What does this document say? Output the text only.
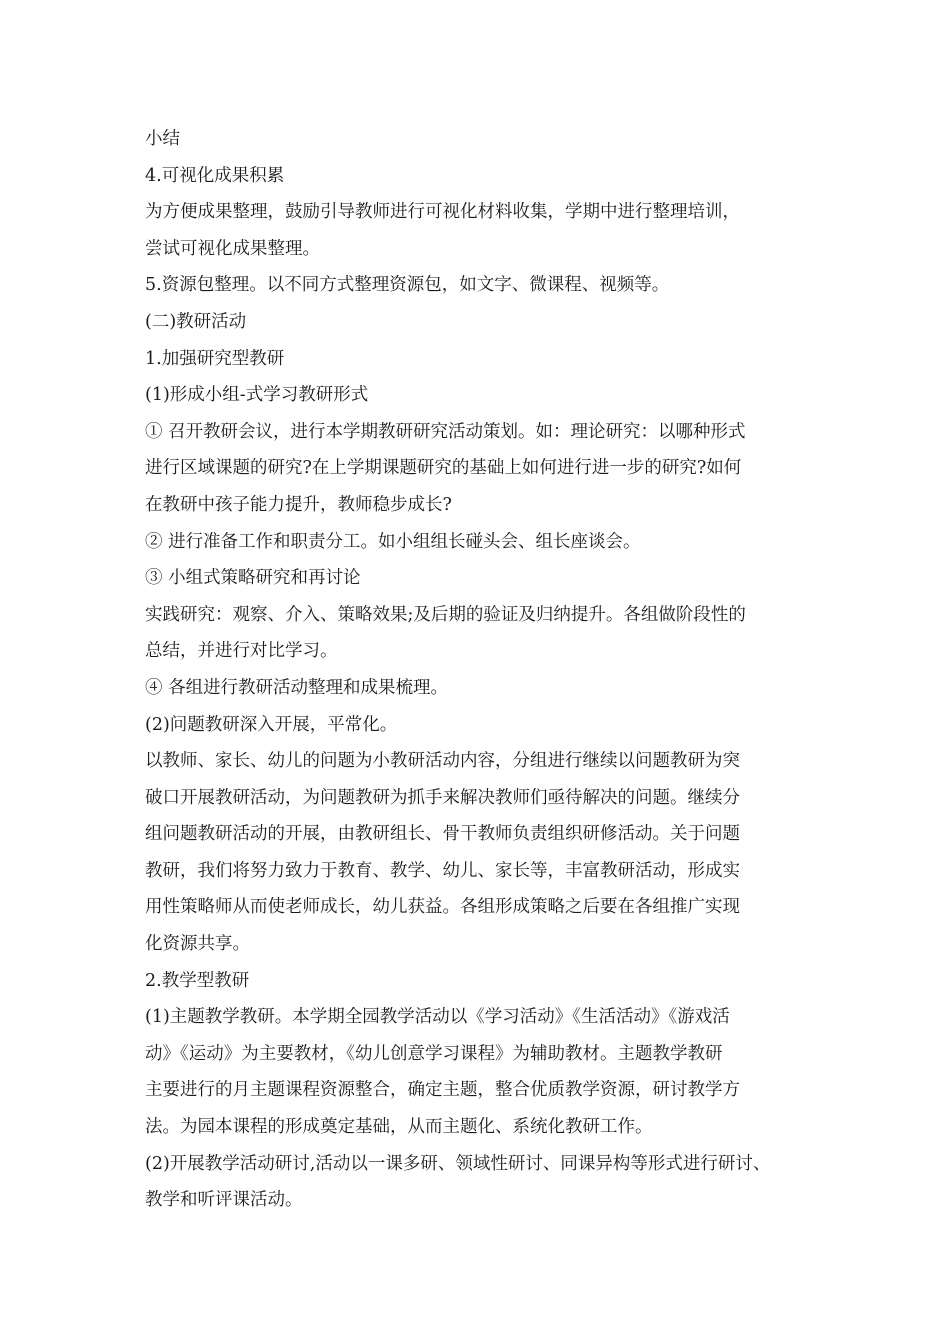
小结

4.可视化成果积累

为方便成果整理，鼓励引导教师进行可视化材料收集，学期中进行整理培训，

尝试可视化成果整理。

5.资源包整理。以不同方式整理资源包，如文字、微课程、视频等。

(二)教研活动

1.加强研究型教研

(1)形成小组-式学习教研形式

① 召开教研会议，进行本学期教研研究活动策划。如：理论研究：以哪种形式

进行区域课题的研究?在上学期课题研究的基础上如何进行进一步的研究?如何

在教研中孩子能力提升，教师稳步成长?

② 进行准备工作和职责分工。如小组组长碰头会、组长座谈会。

③ 小组式策略研究和再讨论

实践研究：观察、介入、策略效果;及后期的验证及归纳提升。各组做阶段性的

总结，并进行对比学习。

④ 各组进行教研活动整理和成果梳理。

(2)问题教研深入开展，平常化。

以教师、家长、幼儿的问题为小教研活动内容，分组进行继续以问题教研为突

破口开展教研活动，为问题教研为抓手来解决教师们亟待解决的问题。继续分

组问题教研活动的开展，由教研组长、骨干教师负责组织研修活动。关于问题

教研，我们将努力致力于教育、教学、幼儿、家长等，丰富教研活动，形成实

用性策略师从而使老师成长，幼儿获益。各组形成策略之后要在各组推广实现

化资源共享。

2.教学型教研

(1)主题教学教研。本学期全园教学活动以《学习活动》《生活活动》《游戏活

动》《运动》为主要教材，《幼儿创意学习课程》为辅助教材。主题教学教研

主要进行的月主题课程资源整合，确定主题，整合优质教学资源，研讨教学方

法。为园本课程的形成奠定基础，从而主题化、系统化教研工作。

(2)开展教学活动研讨,活动以一课多研、领域性研讨、同课异构等形式进行研讨、

教学和听评课活动。
